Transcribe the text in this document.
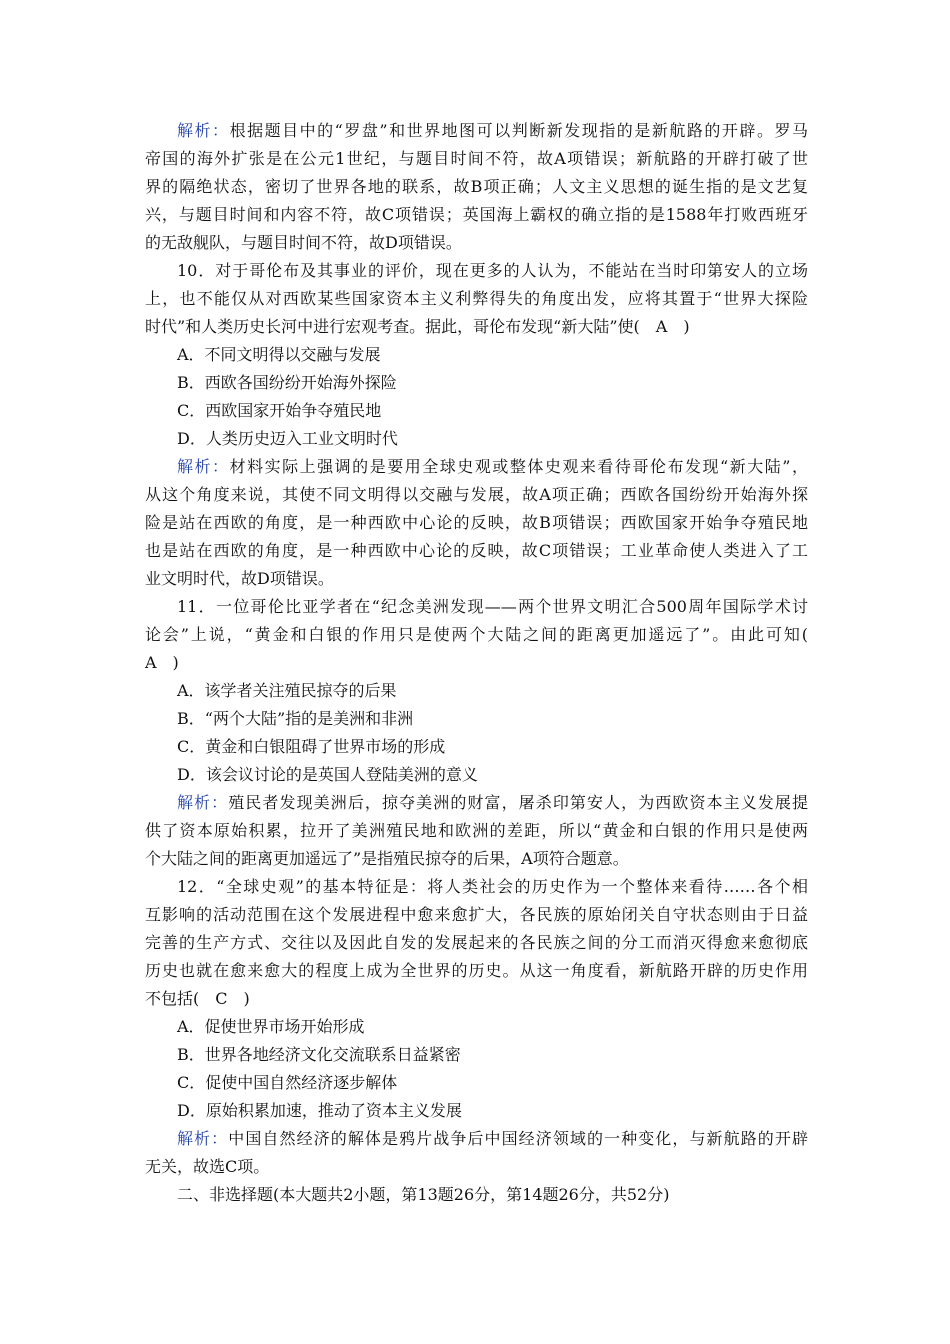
解析：根据题目中的“罗盘”和世界地图可以判断新发现指的是新航路的开辟。罗马
帝国的海外扩张是在公元1世纪，与题目时间不符，故A项错误；新航路的开辟打破了世
界的隔绝状态，密切了世界各地的联系，故B项正确；人文主义思想的诞生指的是文艺复
兴，与题目时间和内容不符，故C项错误；英国海上霸权的确立指的是1588年打败西班牙
的无敌舰队，与题目时间不符，故D项错误。
10．对于哥伦布及其事业的评价，现在更多的人认为，不能站在当时印第安人的立场
上，也不能仅从对西欧某些国家资本主义利弊得失的角度出发，应将其置于“世界大探险
时代”和人类历史长河中进行宏观考查。据此，哥伦布发现“新大陆”使(　A　)
A．不同文明得以交融与发展
B．西欧各国纷纷开始海外探险
C．西欧国家开始争夺殖民地
D．人类历史迈入工业文明时代
解析：材料实际上强调的是要用全球史观或整体史观来看待哥伦布发现“新大陆”，
从这个角度来说，其使不同文明得以交融与发展，故A项正确；西欧各国纷纷开始海外探
险是站在西欧的角度，是一种西欧中心论的反映，故B项错误；西欧国家开始争夺殖民地
也是站在西欧的角度，是一种西欧中心论的反映，故C项错误；工业革命使人类进入了工
业文明时代，故D项错误。
11．一位哥伦比亚学者在“纪念美洲发现——两个世界文明汇合500周年国际学术讨
论会”上说，“黄金和白银的作用只是使两个大陆之间的距离更加遥远了”。由此可知(
A　)
A．该学者关注殖民掠夺的后果
B．“两个大陆”指的是美洲和非洲
C．黄金和白银阻碍了世界市场的形成
D．该会议讨论的是英国人登陆美洲的意义
解析：殖民者发现美洲后，掠夺美洲的财富，屠杀印第安人，为西欧资本主义发展提
供了资本原始积累，拉开了美洲殖民地和欧洲的差距，所以“黄金和白银的作用只是使两
个大陆之间的距离更加遥远了”是指殖民掠夺的后果，A项符合题意。
12．“全球史观”的基本特征是：将人类社会的历史作为一个整体来看待……各个相
互影响的活动范围在这个发展进程中愈来愈扩大，各民族的原始闭关自守状态则由于日益
完善的生产方式、交往以及因此自发的发展起来的各民族之间的分工而消灭得愈来愈彻底
历史也就在愈来愈大的程度上成为全世界的历史。从这一角度看，新航路开辟的历史作用
不包括(　C　)
A．促使世界市场开始形成
B．世界各地经济文化交流联系日益紧密
C．促使中国自然经济逐步解体
D．原始积累加速，推动了资本主义发展
解析：中国自然经济的解体是鸦片战争后中国经济领域的一种变化，与新航路的开辟
无关，故选C项。
二、非选择题(本大题共2小题，第13题26分，第14题26分，共52分)
